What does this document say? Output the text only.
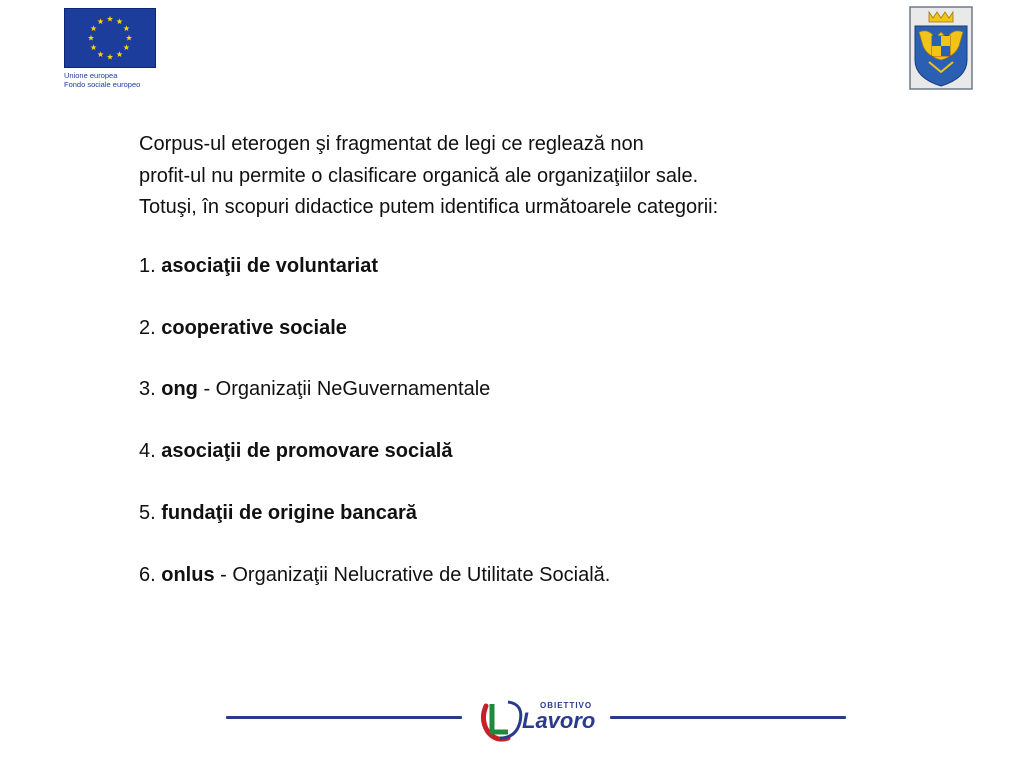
Unione europea
Fondo sociale europeo

Corpus-ul eterogen şi fragmentat de legi ce reglează non
profit-ul nu permite o clasificare organică ale organizaţiilor sale.
Totuşi, în scopuri didactice putem identifica următoarele categorii:

1. asociaţii de voluntariat
2. cooperative sociale
3. ong - Organizaţii NeGuvernamentale
4. asociaţii de promovare socială
5. fundaţii de origine bancară
6. onlus - Organizaţii Nelucrative de Utilitate Socială.
OBIETTIVO
Lavoro
